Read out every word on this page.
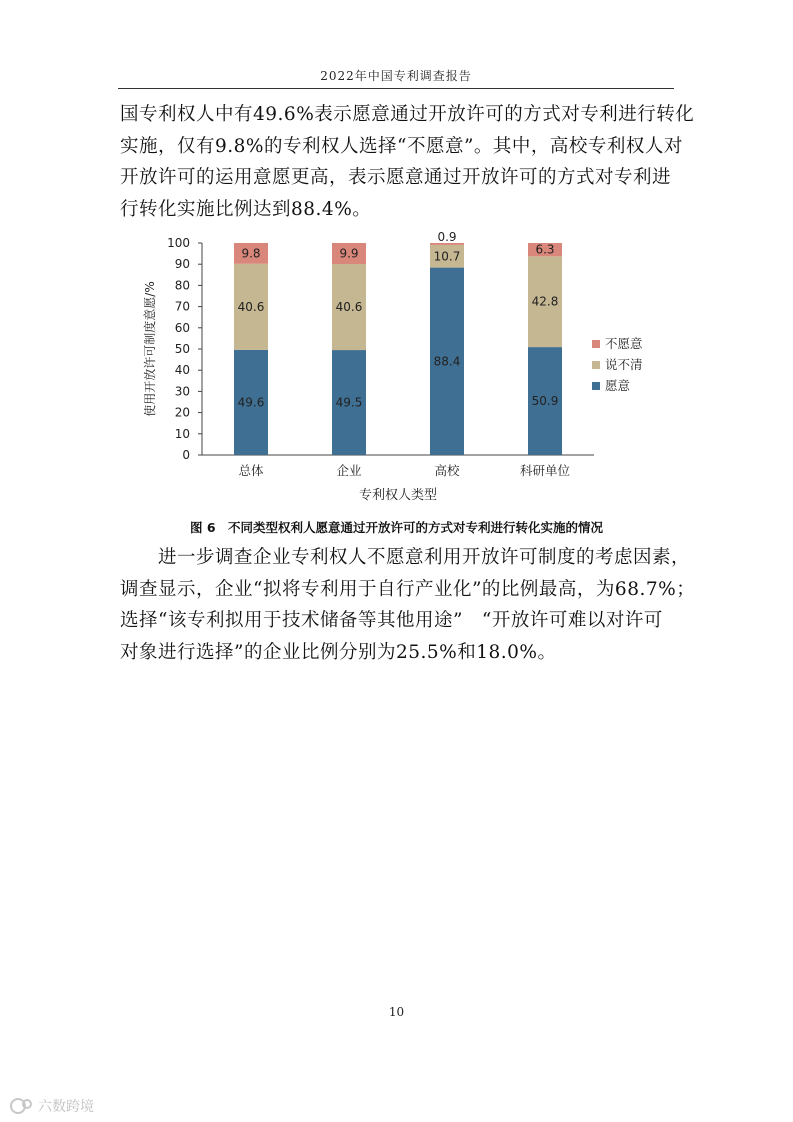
2022年中国专利调查报告

国专利权人中有49.6%表示愿意通过开放许可的方式对专利进行转化
实施，仅有9.8%的专利权人选择“不愿意”。其中，高校专利权人对
开放许可的运用意愿更高，表示愿意通过开放许可的方式对专利进
行转化实施比例达到88.4%。

0
10
20
30
40
50
60
70
80
90
100
使用开放许可制度意愿/%	49.6
40.6
9.8
总体
49.5
40.6
9.9
企业
88.4
10.7
0.9
高校
50.9
42.8
6.3
科研单位
专利权人类型
不愿意
说不清
愿意
图 6　不同类型权利人愿意通过开放许可的方式对专利进行转化实施的情况

　　进一步调查企业专利权人不愿意利用开放许可制度的考虑因素，
调查显示，企业“拟将专利用于自行产业化”的比例最高，为68.7%；
选择“该专利拟用于技术储备等其他用途”　“开放许可难以对许可
对象进行选择”的企业比例分别为25.5%和18.0%。

10
六数跨境
